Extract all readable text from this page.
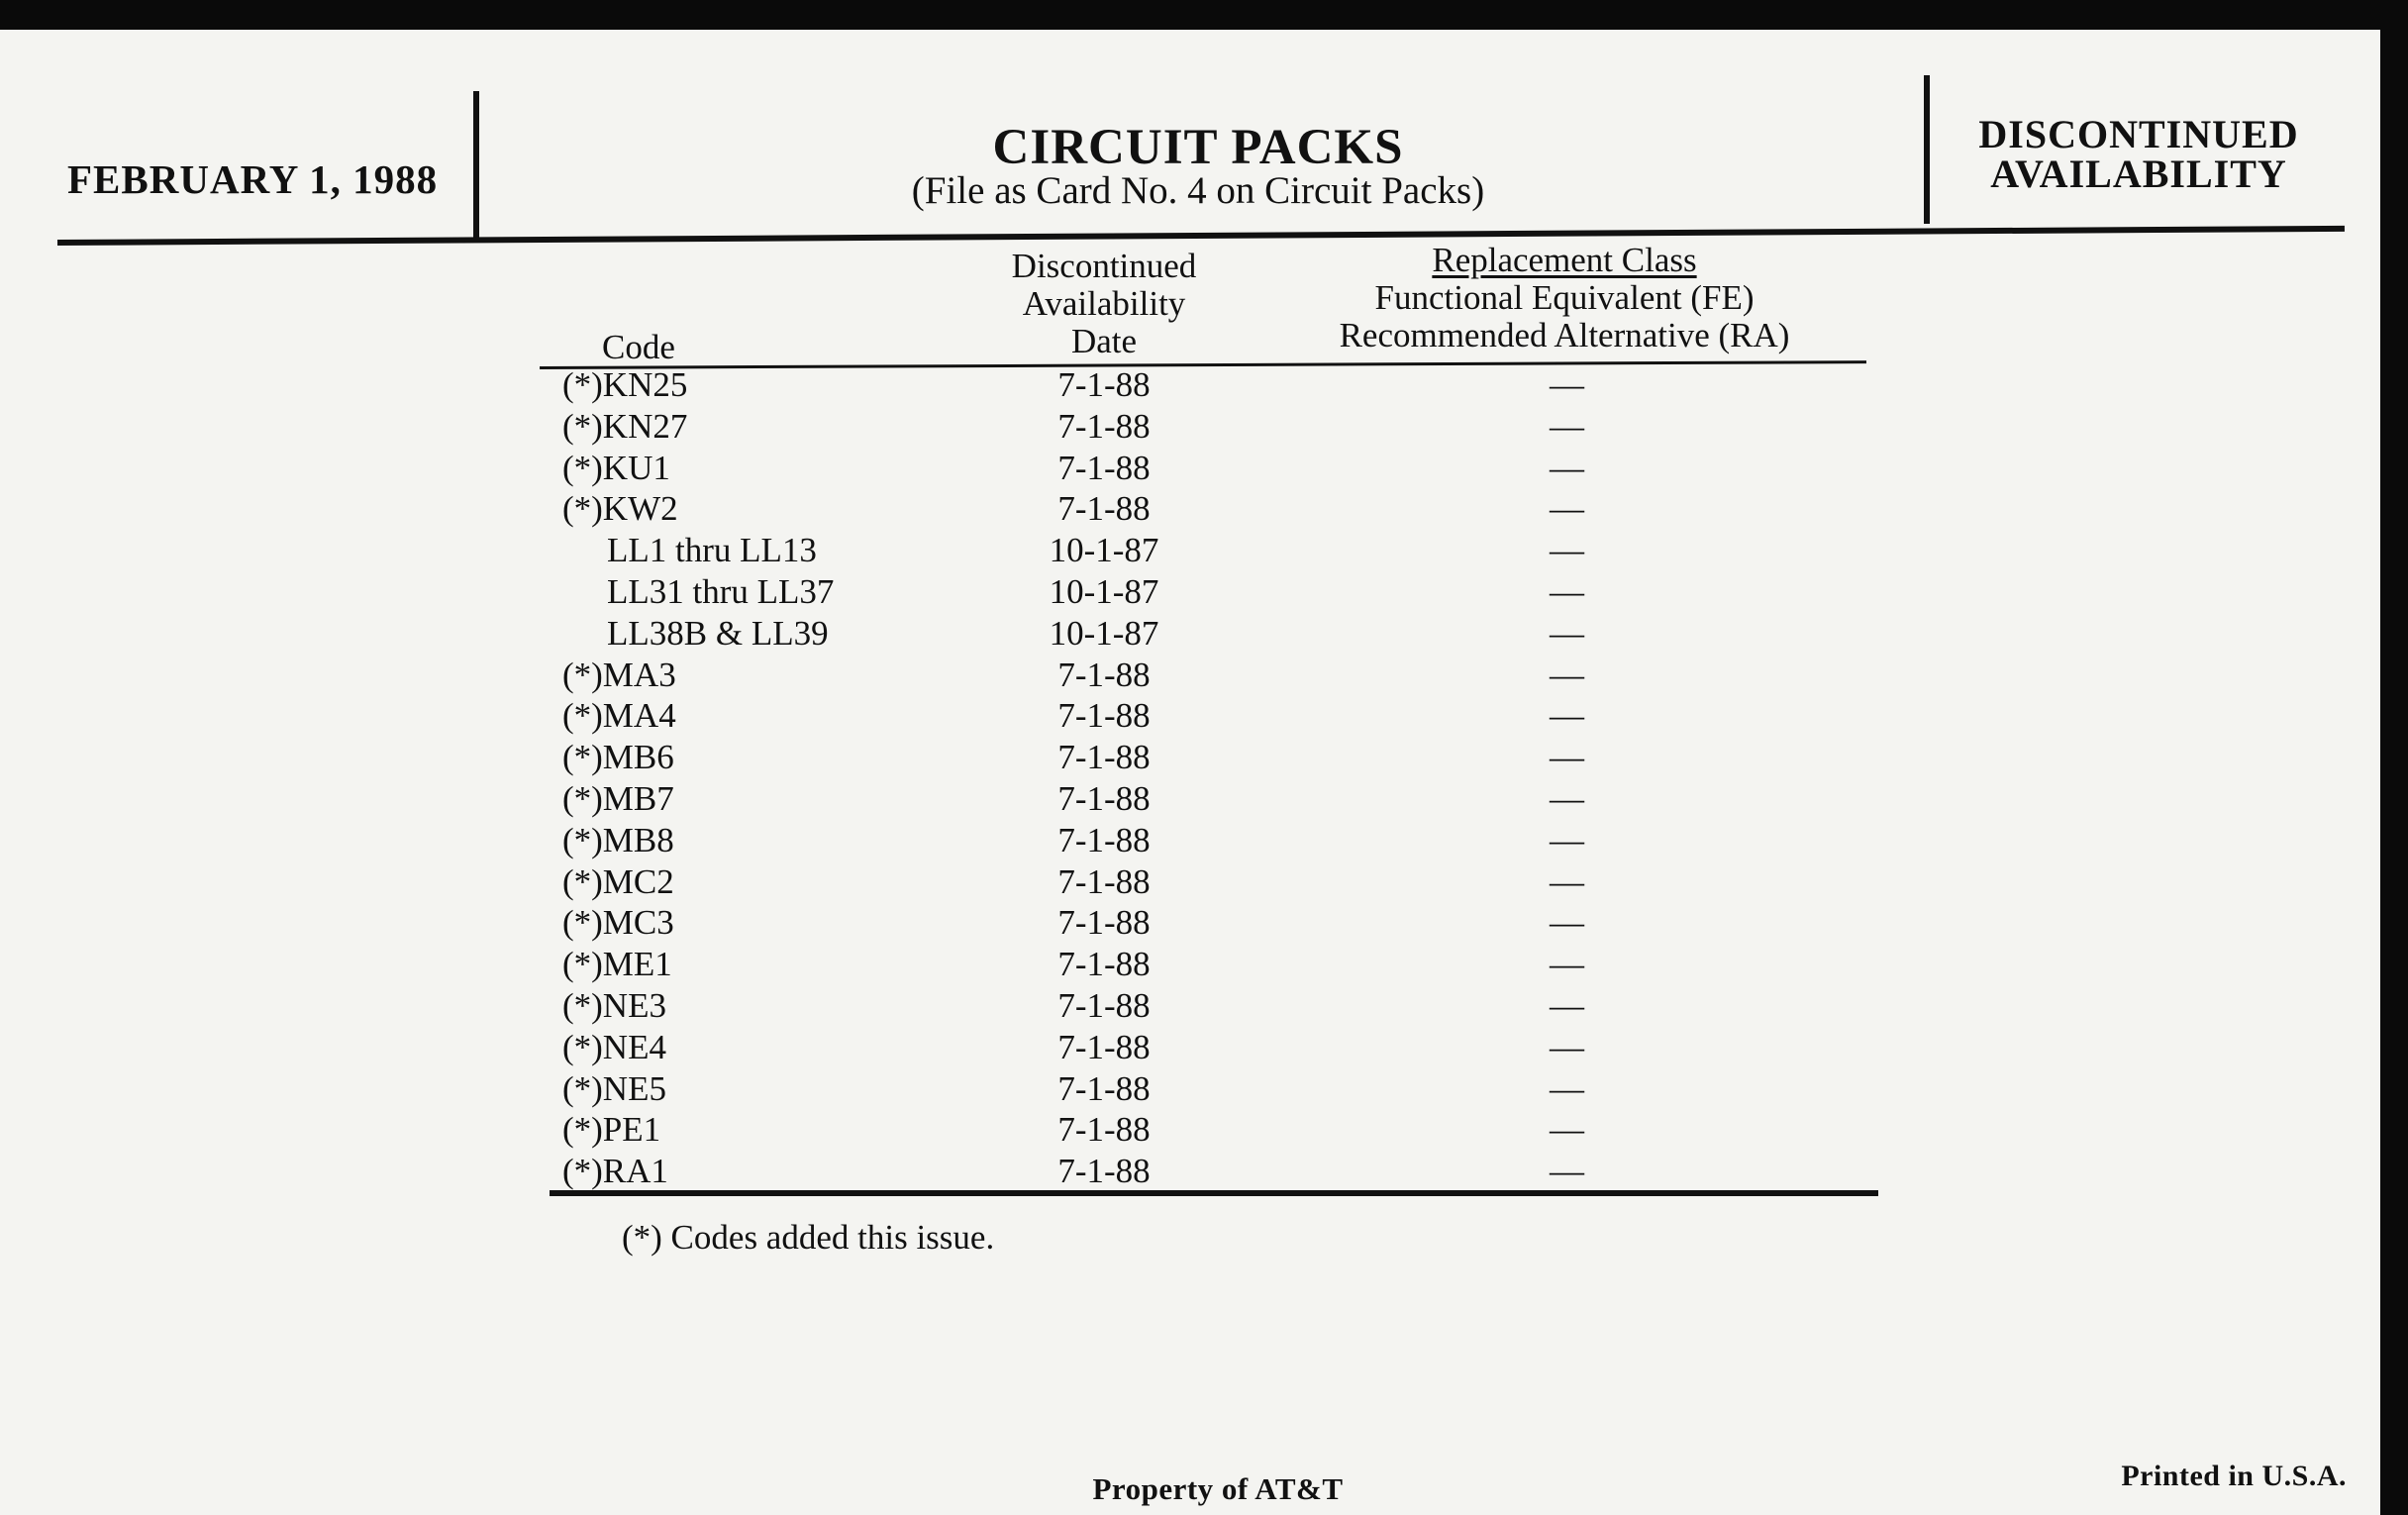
FEBRUARY 1, 1988
CIRCUIT PACKS
(File as Card No. 4 on Circuit Packs)
DISCONTINUED
AVAILABILITY
Code
Discontinued
Availability
Date
Replacement Class
Functional Equivalent (FE)
Recommended Alternative (RA)
(*)KN25	7-1-88	—
(*)KN27	7-1-88	—
(*)KU1	7-1-88	—
(*)KW2	7-1-88	—
LL1 thru LL13	10-1-87	—
LL31 thru LL37	10-1-87	—
LL38B & LL39	10-1-87	—
(*)MA3	7-1-88	—
(*)MA4	7-1-88	—
(*)MB6	7-1-88	—
(*)MB7	7-1-88	—
(*)MB8	7-1-88	—
(*)MC2	7-1-88	—
(*)MC3	7-1-88	—
(*)ME1	7-1-88	—
(*)NE3	7-1-88	—
(*)NE4	7-1-88	—
(*)NE5	7-1-88	—
(*)PE1	7-1-88	—
(*)RA1	7-1-88	—
(*) Codes added this issue.
Property of AT&T	Printed in U.S.A.
